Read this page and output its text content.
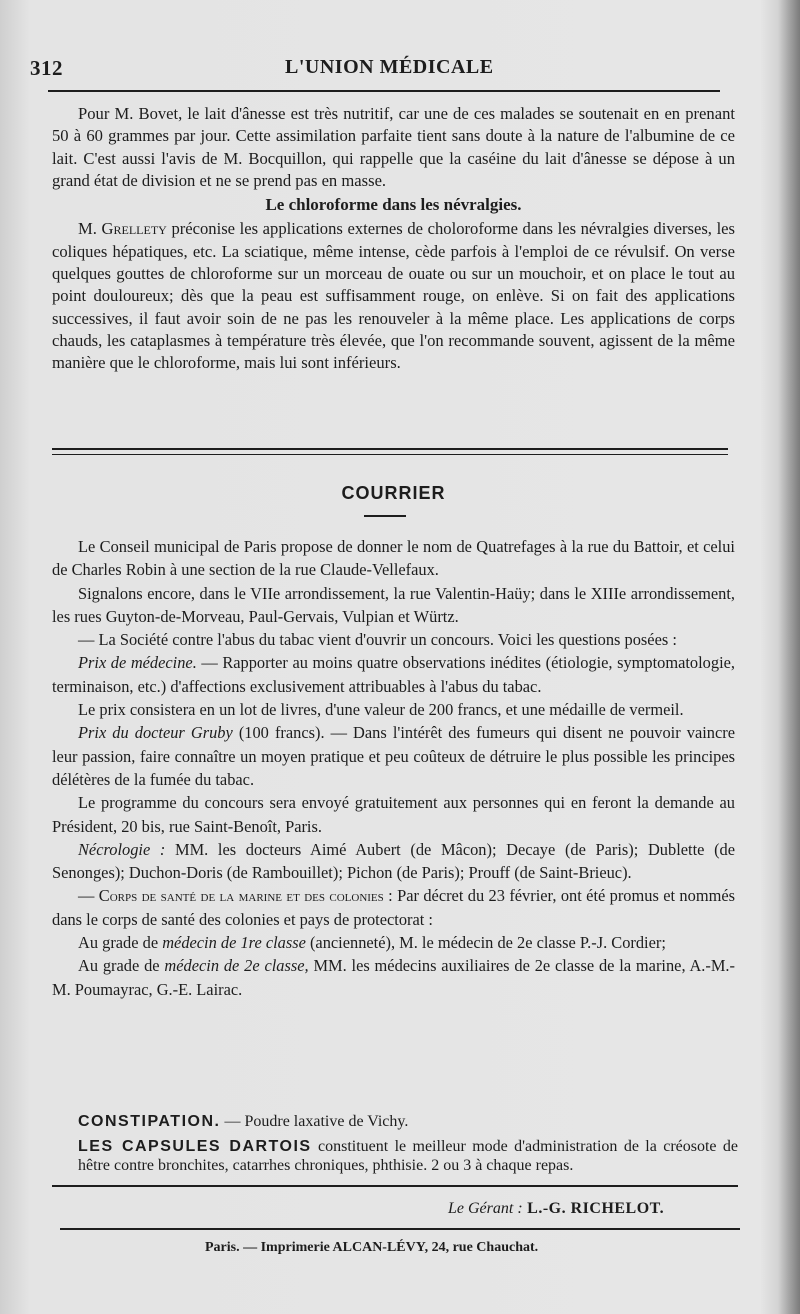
312	L'UNION MÉDICALE

Pour M. Bovet, le lait d'ânesse est très nutritif, car une de ces malades se soutenait en en prenant 50 à 60 grammes par jour. Cette assimilation parfaite tient sans doute à la nature de l'albumine de ce lait. C'est aussi l'avis de M. Bocquillon, qui rappelle que la caséine du lait d'ânesse se dépose à un grand état de division et ne se prend pas en masse.

Le chloroforme dans les névralgies.

M. Grellety préconise les applications externes de choloroforme dans les névralgies diverses, les coliques hépatiques, etc. La sciatique, même intense, cède parfois à l'emploi de ce révulsif. On verse quelques gouttes de chloroforme sur un morceau de ouate ou sur un mouchoir, et on place le tout au point douloureux; dès que la peau est suffisamment rouge, on enlève. Si on fait des applications successives, il faut avoir soin de ne pas les renouveler à la même place. Les applications de corps chauds, les cataplasmes à température très élevée, que l'on recommande souvent, agissent de la même manière que le chloroforme, mais lui sont inférieurs.

COURRIER

Le Conseil municipal de Paris propose de donner le nom de Quatrefages à la rue du Battoir, et celui de Charles Robin à une section de la rue Claude-Vellefaux.

Signalons encore, dans le VIIe arrondissement, la rue Valentin-Haüy; dans le XIIIe arrondissement, les rues Guyton-de-Morveau, Paul-Gervais, Vulpian et Würtz.

— La Société contre l'abus du tabac vient d'ouvrir un concours. Voici les questions posées :

Prix de médecine. — Rapporter au moins quatre observations inédites (étiologie, symptomatologie, terminaison, etc.) d'affections exclusivement attribuables à l'abus du tabac.

Le prix consistera en un lot de livres, d'une valeur de 200 francs, et une médaille de vermeil.

Prix du docteur Gruby (100 francs). — Dans l'intérêt des fumeurs qui disent ne pouvoir vaincre leur passion, faire connaître un moyen pratique et peu coûteux de détruire le plus possible les principes délétères de la fumée du tabac.

Le programme du concours sera envoyé gratuitement aux personnes qui en feront la demande au Président, 20 bis, rue Saint-Benoît, Paris.

Nécrologie : MM. les docteurs Aimé Aubert (de Mâcon); Decaye (de Paris); Dublette (de Senonges); Duchon-Doris (de Rambouillet); Pichon (de Paris); Prouff (de Saint-Brieuc).

— Corps de santé de la marine et des colonies : Par décret du 23 février, ont été promus et nommés dans le corps de santé des colonies et pays de protectorat :

Au grade de médecin de 1re classe (ancienneté), M. le médecin de 2e classe P.-J. Cordier;

Au grade de médecin de 2e classe, MM. les médecins auxiliaires de 2e classe de la marine, A.-M.-M. Poumayrac, G.-E. Lairac.

CONSTIPATION. — Poudre laxative de Vichy.
LES CAPSULES DARTOIS constituent le meilleur mode d'administration de la créosote de hêtre contre bronchites, catarrhes chroniques, phthisie. 2 ou 3 à chaque repas.
Le Gérant : L.-G. RICHELOT.
Paris. — Imprimerie ALCAN-LÉVY, 24, rue Chauchat.
